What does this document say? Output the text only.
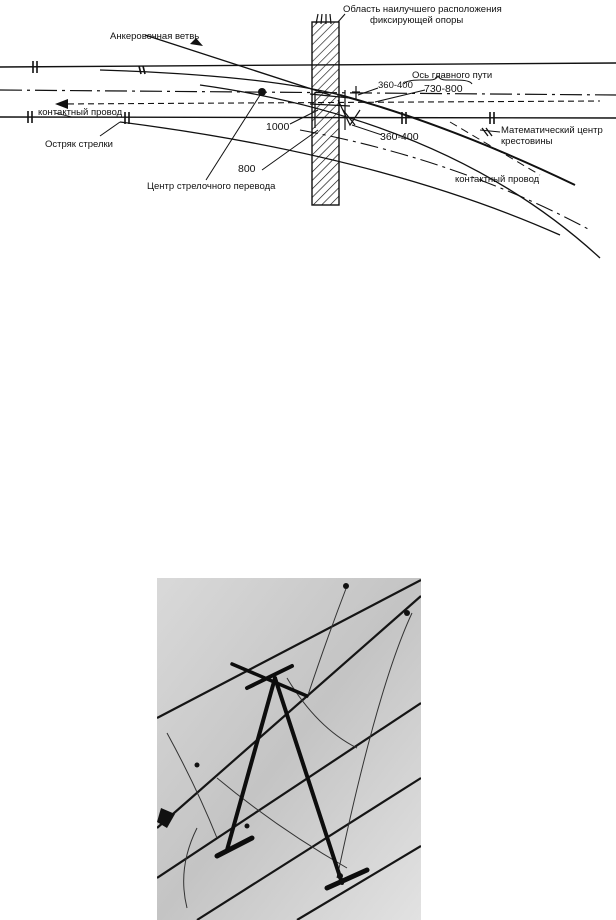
Область наилучшего расположения
фиксирующей опоры
Анкеровочная ветвь
Ось главного пути
360-400 730-800
1000
360-400
800
контактный провод
Остряк стрелки
Центр стрелочного перевода
Математический центр
крестовины
контактный провод
